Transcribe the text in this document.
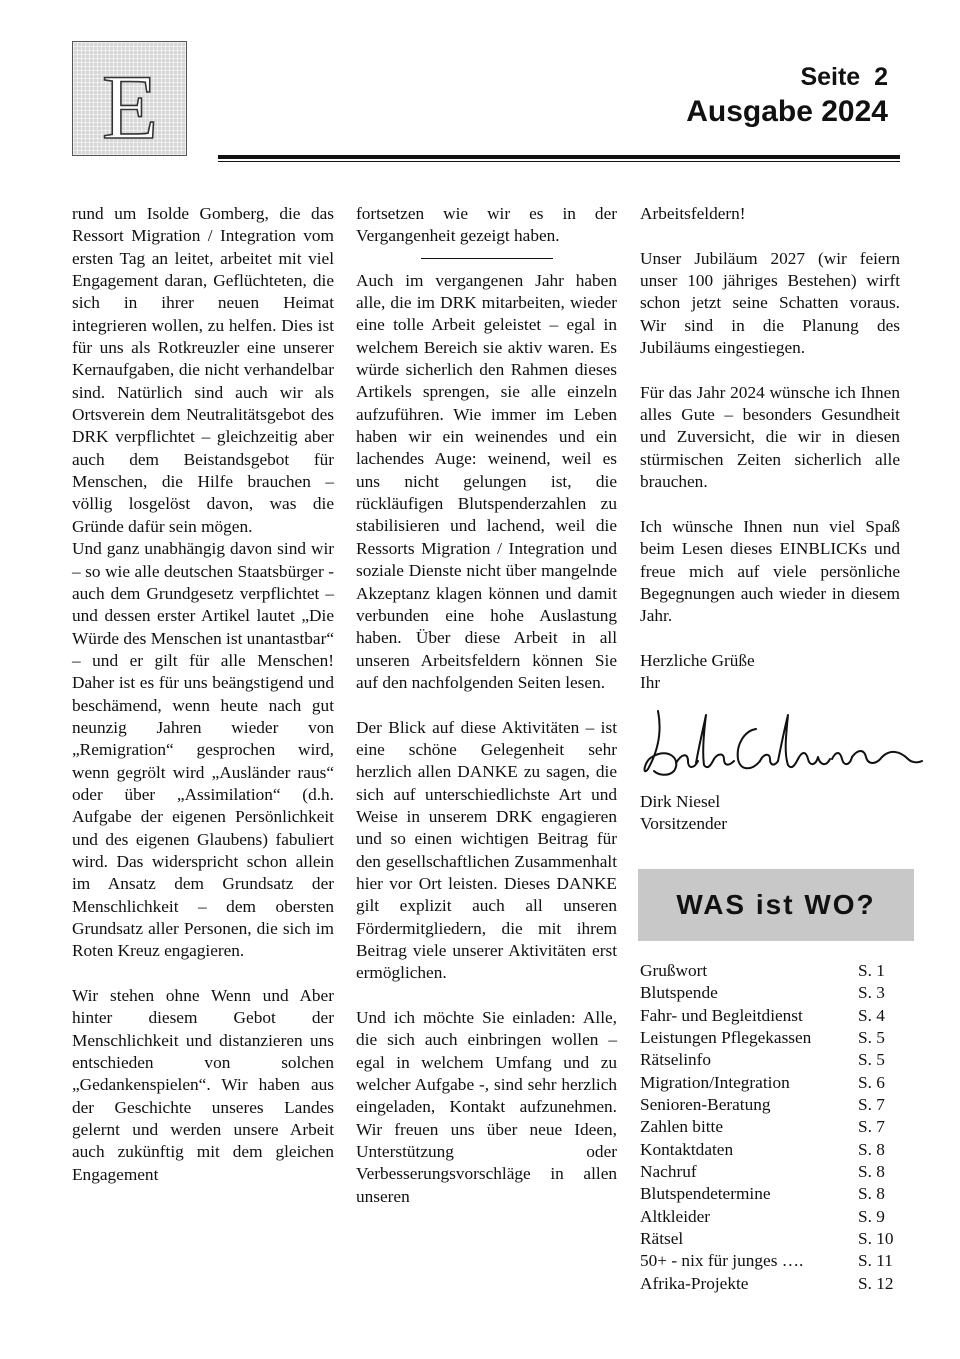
E	Seite  2
Ausgabe 2024

rund um Isolde Gomberg, die das Ressort Migration / Integration vom ersten Tag an leitet, arbeitet mit viel Engagement daran, Geflüchteten, die sich in ihrer neuen Heimat integrieren wollen, zu helfen. Dies ist für uns als Rotkreuzler eine unserer Kernaufgaben, die nicht verhandelbar sind. Natürlich sind auch wir als Ortsverein dem Neutralitätsgebot des DRK verpflichtet – gleichzeitig aber auch dem Beistandsgebot für Menschen, die Hilfe brauchen – völlig losgelöst davon, was die Gründe dafür sein mögen.

Und ganz unabhängig davon sind wir – so wie alle deutschen Staatsbürger - auch dem Grundgesetz verpflichtet – und dessen erster Artikel lautet „Die Würde des Menschen ist unantastbar“ – und er gilt für alle Menschen! Daher ist es für uns beängstigend und beschämend, wenn heute nach gut neunzig Jahren wieder von „Remigration“ gesprochen wird, wenn gegrölt wird „Ausländer raus“ oder über „Assimilation“ (d.h. Aufgabe der eigenen Persönlichkeit und des eigenen Glaubens) fabuliert wird. Das widerspricht schon allein im Ansatz dem Grundsatz der Menschlichkeit – dem obersten Grundsatz aller Personen, die sich im Roten Kreuz engagieren.

Wir stehen ohne Wenn und Aber hinter diesem Gebot der Menschlichkeit und distanzieren uns entschieden von solchen „Gedankenspielen“. Wir haben aus der Geschichte unseres Landes gelernt und werden unsere Arbeit auch zukünftig mit dem gleichen Engagement

fortsetzen wie wir es in der Vergangenheit gezeigt haben.

Auch im vergangenen Jahr haben alle, die im DRK mitarbeiten, wieder eine tolle Arbeit geleistet – egal in welchem Bereich sie aktiv waren. Es würde sicherlich den Rahmen dieses Artikels sprengen, sie alle einzeln aufzuführen. Wie immer im Leben haben wir ein weinendes und ein lachendes Auge: weinend, weil es uns nicht gelungen ist, die rückläufigen Blutspenderzahlen zu stabilisieren und lachend, weil die Ressorts Migration / Integration und soziale Dienste nicht über mangelnde Akzeptanz klagen können und damit verbunden eine hohe Auslastung haben. Über diese Arbeit in all unseren Arbeitsfeldern können Sie auf den nachfolgenden Seiten lesen.

Der Blick auf diese Aktivitäten – ist eine schöne Gelegenheit sehr herzlich allen DANKE zu sagen, die sich auf unterschiedlichste Art und Weise in unserem DRK engagieren und so einen wichtigen Beitrag für den gesellschaftlichen Zusammenhalt hier vor Ort leisten. Dieses DANKE gilt explizit auch all unseren Fördermitgliedern, die mit ihrem Beitrag viele unserer Aktivitäten erst ermöglichen.

Und ich möchte Sie einladen: Alle, die sich auch einbringen wollen – egal in welchem Umfang und zu welcher Aufgabe -, sind sehr herzlich eingeladen, Kontakt aufzunehmen. Wir freuen uns über neue Ideen, Unterstützung oder Verbesserungsvorschläge in allen unseren

Arbeitsfeldern!

Unser Jubiläum 2027 (wir feiern unser 100 jähriges Bestehen) wirft schon jetzt seine Schatten voraus. Wir sind in die Planung des Jubiläums eingestiegen.

Für das Jahr 2024 wünsche ich Ihnen alles Gute – besonders Gesundheit und Zuversicht, die wir in diesen stürmischen Zeiten sicherlich alle brauchen.

Ich wünsche Ihnen nun viel Spaß beim Lesen dieses EINBLICKs und freue mich auf viele persönliche Begegnungen auch wieder in diesem Jahr.

Herzliche Grüße
Ihr
Dirk Niesel
Vorsitzender
WAS ist WO?
Grußwort	S. 1
Blutspende	S. 3
Fahr- und Begleitdienst	S. 4
Leistungen Pflegekassen	S. 5
Rätselinfo	S. 5
Migration/Integration	S. 6
Senioren-Beratung	S. 7
Zahlen bitte	S. 7
Kontaktdaten	S. 8
Nachruf	S. 8
Blutspendetermine	S. 8
Altkleider	S. 9
Rätsel	S. 10
50+ - nix für junges ….	S. 11
Afrika-Projekte	S. 12
